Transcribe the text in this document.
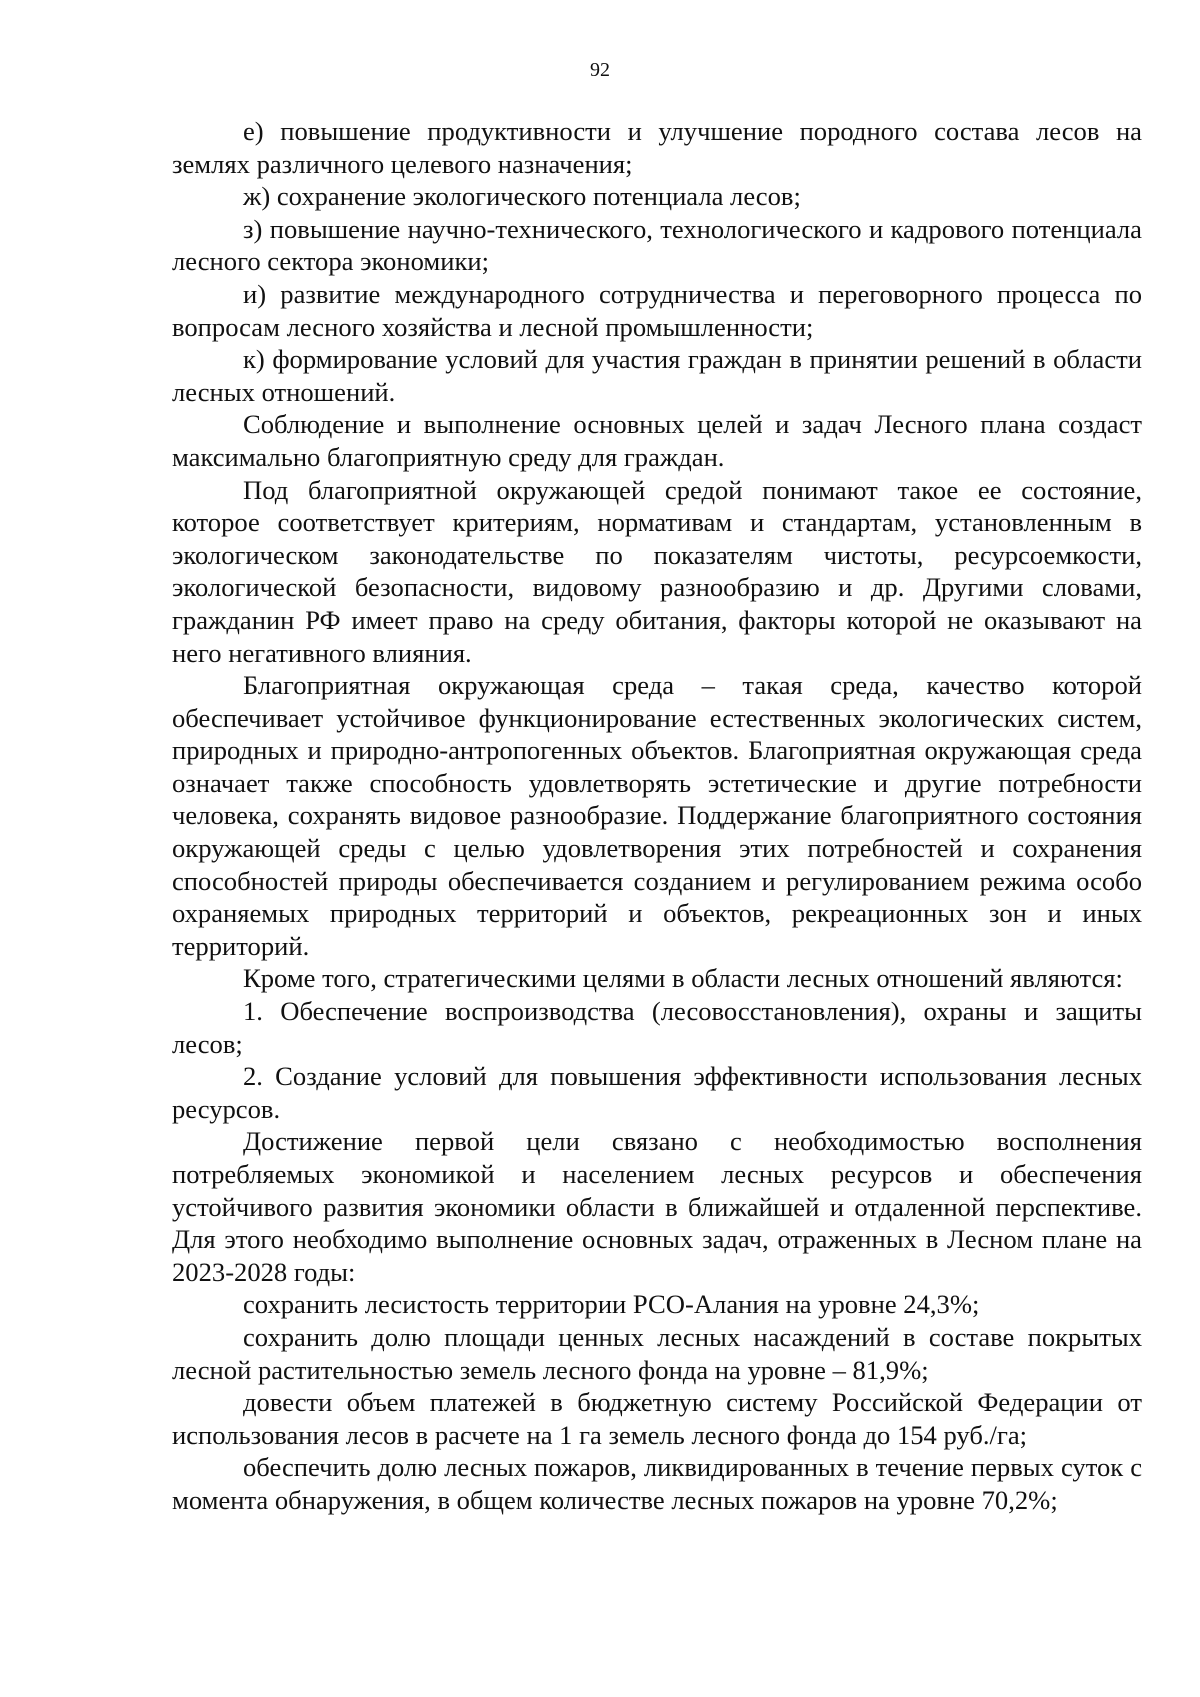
92

е) повышение продуктивности и улучшение породного состава лесов на землях различного целевого назначения;

ж) сохранение экологического потенциала лесов;

з) повышение научно-технического, технологического и кадрового потенциала лесного сектора экономики;

и) развитие международного сотрудничества и переговорного процесса по вопросам лесного хозяйства и лесной промышленности;

к) формирование условий для участия граждан в принятии решений в области лесных отношений.

Соблюдение и выполнение основных целей и задач Лесного плана создаст максимально благоприятную среду для граждан.

Под благоприятной окружающей средой понимают такое ее состояние, которое соответствует критериям, нормативам и стандартам, установленным в экологическом законодательстве по показателям чистоты, ресурсоемкости, экологической безопасности, видовому разнообразию и др. Другими словами, гражданин РФ имеет право на среду обитания, факторы которой не оказывают на него негативного влияния.

Благоприятная окружающая среда – такая среда, качество которой обеспечивает устойчивое функционирование естественных экологических систем, природных и природно-антропогенных объектов. Благоприятная окружающая среда означает также способность удовлетворять эстетические и другие потребности человека, сохранять видовое разнообразие. Поддержание благоприятного состояния окружающей среды с целью удовлетворения этих потребностей и сохранения способностей природы обеспечивается созданием и регулированием режима особо охраняемых природных территорий и объектов, рекреационных зон и иных территорий.

Кроме того, стратегическими целями в области лесных отношений являются:

1. Обеспечение воспроизводства (лесовосстановления), охраны и защиты лесов;

2. Создание условий для повышения эффективности использования лесных ресурсов.

Достижение первой цели связано с необходимостью восполнения потребляемых экономикой и населением лесных ресурсов и обеспечения устойчивого развития экономики области в ближайшей и отдаленной перспективе. Для этого необходимо выполнение основных задач, отраженных в Лесном плане на 2023-2028 годы:

сохранить лесистость территории РСО-Алания на уровне 24,3%;

сохранить долю площади ценных лесных насаждений в составе покрытых лесной растительностью земель лесного фонда на уровне – 81,9%;

довести объем платежей в бюджетную систему Российской Федерации от использования лесов в расчете на 1 га земель лесного фонда до 154 руб./га;

обеспечить долю лесных пожаров, ликвидированных в течение первых суток с момента обнаружения, в общем количестве лесных пожаров на уровне 70,2%;
